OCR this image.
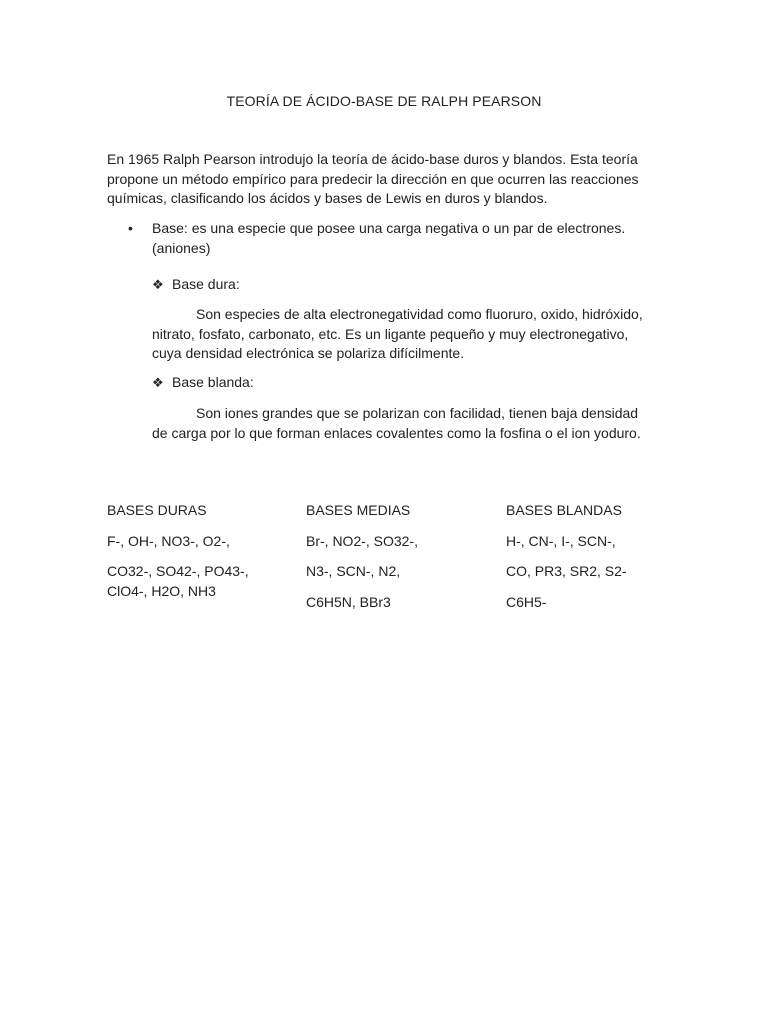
TEORÍA DE ÁCIDO-BASE DE RALPH PEARSON
En 1965 Ralph Pearson introdujo la teoría de ácido-base duros y blandos. Esta teoría propone un método empírico para predecir la dirección en que ocurren las reacciones químicas, clasificando los ácidos y bases de Lewis en duros y blandos.
• Base: es una especie que posee una carga negativa o un par de electrones. (aniones)
❖ Base dura:
Son especies de alta electronegatividad como fluoruro, oxido, hidróxido, nitrato, fosfato, carbonato, etc. Es un ligante pequeño y muy electronegativo, cuya densidad electrónica se polariza difícilmente.
❖ Base blanda:
Son iones grandes que se polarizan con facilidad, tienen baja densidad de carga por lo que forman enlaces covalentes como la fosfina o el ion yoduro.
BASES DURAS
F-, OH-, NO3-, O2-,
CO32-, SO42-, PO43-,
ClO4-, H2O, NH3
BASES MEDIAS
Br-, NO2-, SO32-,
N3-, SCN-, N2,
C6H5N, BBr3
BASES BLANDAS
H-, CN-, I-, SCN-,
CO, PR3, SR2, S2-
C6H5-
